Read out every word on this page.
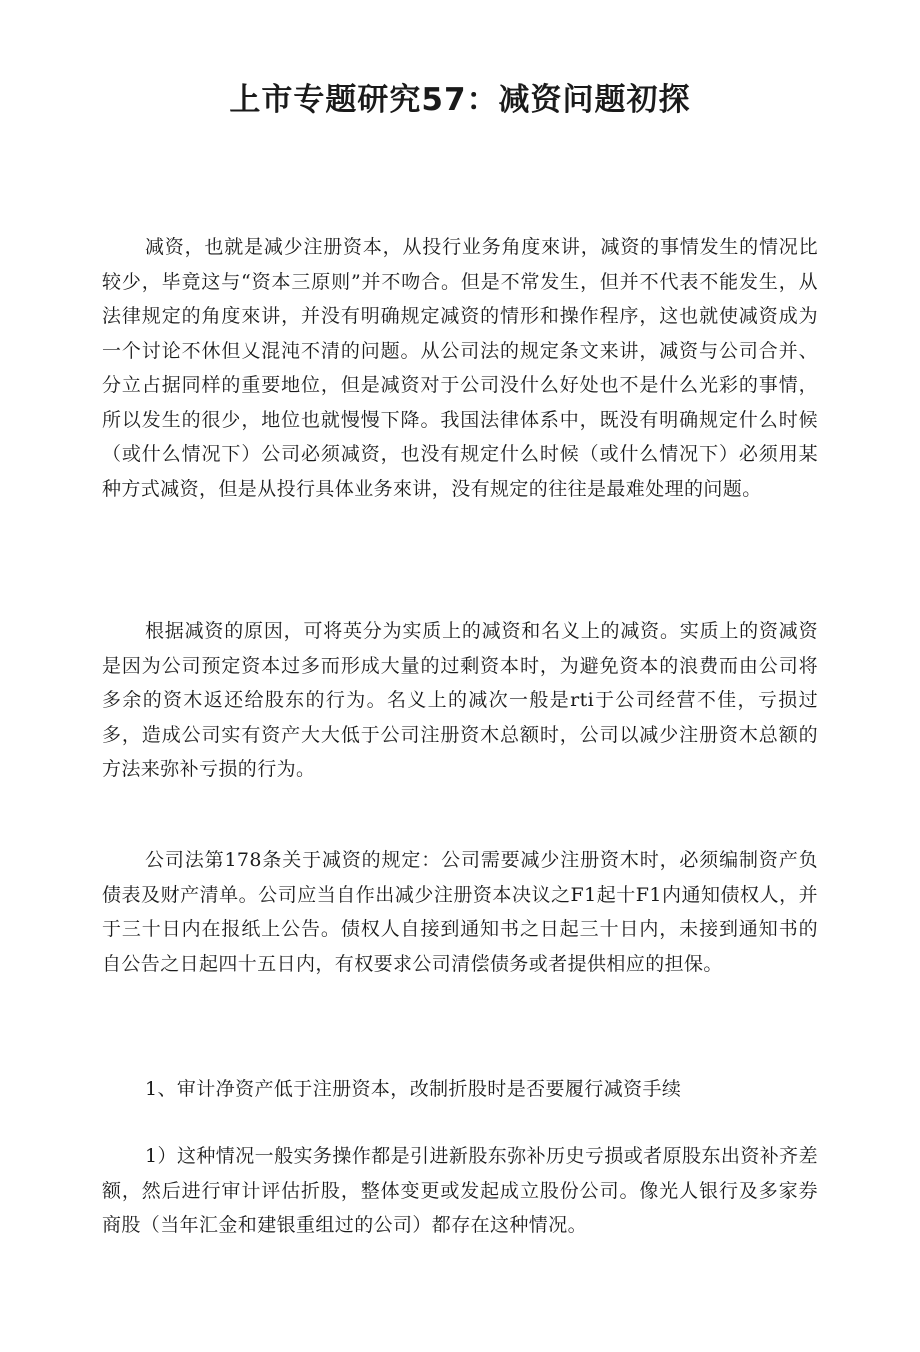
上市专题研究57：减资问题初探

减资，也就是减少注册资本，从投行业务角度來讲，减资的事情发生的情况比较少，毕竟这与“资本三原则”并不吻合。但是不常发生，但并不代表不能发生，从法律规定的角度來讲，并没有明确规定减资的情形和操作程序，这也就使减资成为一个讨论不休但乂混沌不清的问题。从公司法的规定条文来讲，减资与公司合并、分立占据同样的重要地位，但是减资对于公司没什么好处也不是什么光彩的事情，所以发生的很少，地位也就慢慢下降。我国法律体系中，既没有明确规定什么时候（或什么情况下）公司必须减资，也没有规定什么时候（或什么情况下）必须用某种方式减资，但是从投行具体业务來讲，没有规定的往往是最难处理的问题。

根据减资的原因，可将英分为实质上的减资和名义上的减资。实质上的资减资是因为公司预定资本过多而形成大量的过剩资本时，为避免资本的浪费而由公司将多余的资木返还给股东的行为。名义上的减次一般是rti于公司经营不佳，亏损过多，造成公司实有资产大大低于公司注册资木总额时，公司以减少注册资木总额的方法来弥补亏损的行为。

公司法第178条关于减资的规定：公司需要减少注册资木时，必须编制资产负债表及财产清单。公司应当自作出减少注册资本决议之F1起十F1内通知债权人，并于三十日内在报纸上公告。债权人自接到通知书之日起三十日内，未接到通知书的自公告之日起四十五日内，有权要求公司清偿债务或者提供相应的担保。

1、审计净资产低于注册资本，改制折股时是否要履行减资手续

1）这种情况一般实务操作都是引进新股东弥补历史亏损或者原股东出资补齐差额，然后进行审计评估折股，整体变更或发起成立股份公司。像光人银行及多家券商股（当年汇金和建银重组过的公司）都存在这种情况。
